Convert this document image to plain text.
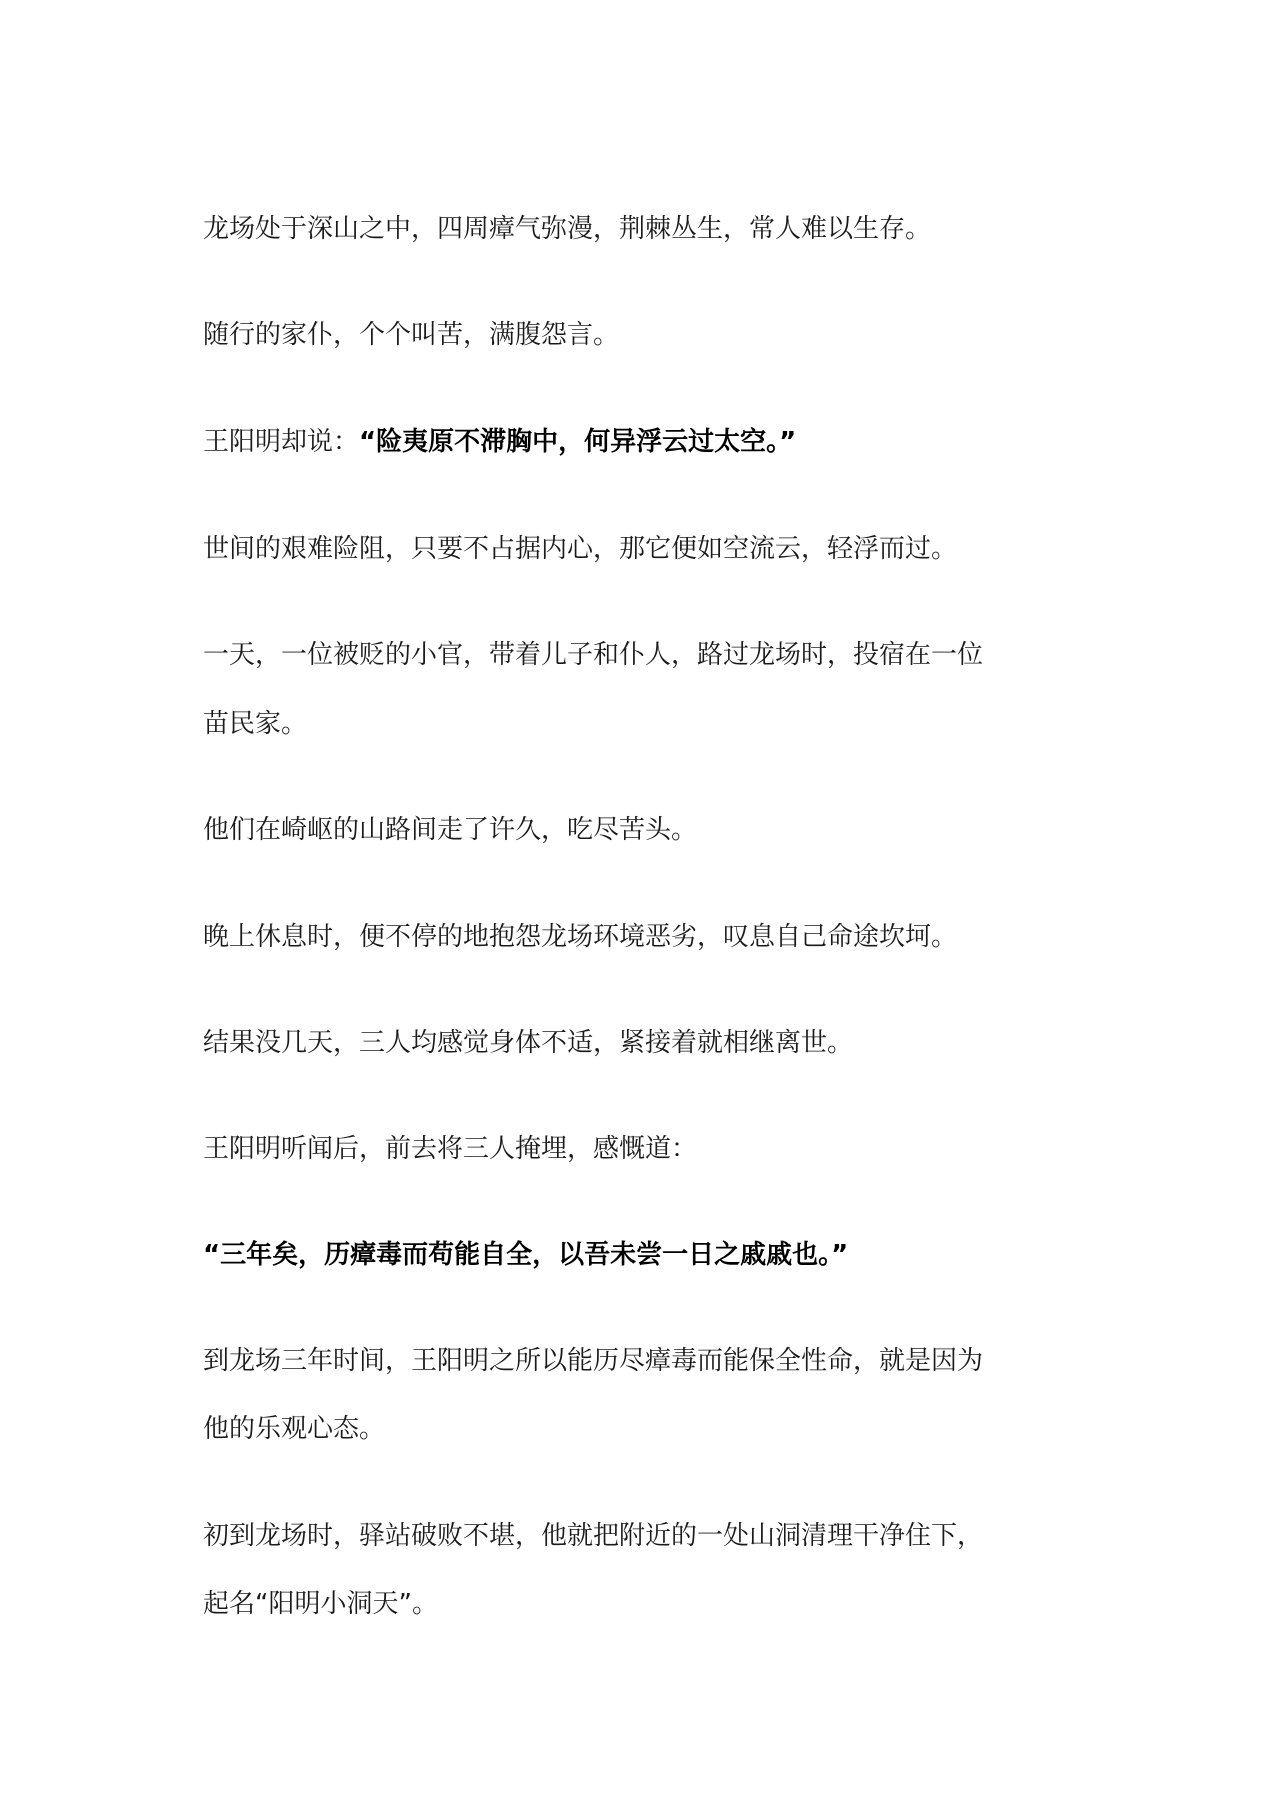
龙场处于深山之中，四周瘴气弥漫，荆棘丛生，常人难以生存。

随行的家仆，个个叫苦，满腹怨言。

王阳明却说：“险夷原不滞胸中，何异浮云过太空。”

世间的艰难险阻，只要不占据内心，那它便如空流云，轻浮而过。

一天，一位被贬的小官，带着儿子和仆人，路过龙场时，投宿在一位

苗民家。

他们在崎岖的山路间走了许久，吃尽苦头。

晚上休息时，便不停的地抱怨龙场环境恶劣，叹息自己命途坎坷。

结果没几天，三人均感觉身体不适，紧接着就相继离世。

王阳明听闻后，前去将三人掩埋，感慨道：

“三年矣，历瘴毒而苟能自全，以吾未尝一日之戚戚也。”

到龙场三年时间，王阳明之所以能历尽瘴毒而能保全性命，就是因为

他的乐观心态。

初到龙场时，驿站破败不堪，他就把附近的一处山洞清理干净住下，

起名“阳明小洞天”。
